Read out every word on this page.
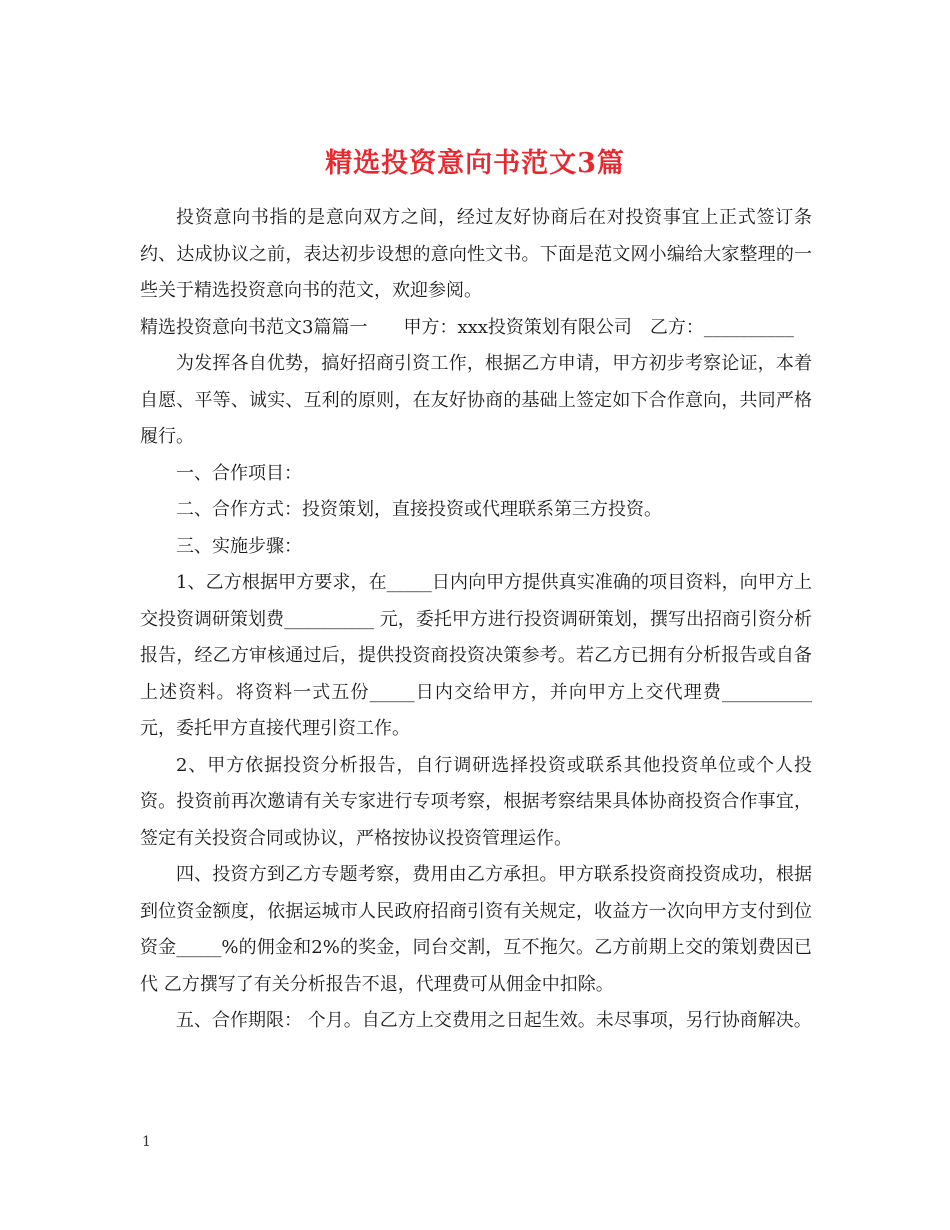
精选投资意向书范文3篇

投资意向书指的是意向双方之间，经过友好协商后在对投资事宜上正式签订条约、达成协议之前，表达初步设想的意向性文书。下面是范文网小编给大家整理的一些关于精选投资意向书的范文，欢迎参阅。

精选投资意向书范文3篇篇一　　甲方：xxx投资策划有限公司　乙方：__________

为发挥各自优势，搞好招商引资工作，根据乙方申请，甲方初步考察论证，本着自愿、平等、诚实、互利的原则，在友好协商的基础上签定如下合作意向，共同严格履行。

一、合作项目：

二、合作方式：投资策划，直接投资或代理联系第三方投资。

三、实施步骤：

1、乙方根据甲方要求，在_____日内向甲方提供真实准确的项目资料，向甲方上交投资调研策划费__________ 元，委托甲方进行投资调研策划，撰写出招商引资分析报告，经乙方审核通过后，提供投资商投资决策参考。若乙方已拥有分析报告或自备上述资料。将资料一式五份_____日内交给甲方，并向甲方上交代理费__________ 元，委托甲方直接代理引资工作。

2、甲方依据投资分析报告，自行调研选择投资或联系其他投资单位或个人投资。投资前再次邀请有关专家进行专项考察，根据考察结果具体协商投资合作事宜，签定有关投资合同或协议，严格按协议投资管理运作。

四、投资方到乙方专题考察，费用由乙方承担。甲方联系投资商投资成功，根据到位资金额度，依据运城市人民政府招商引资有关规定，收益方一次向甲方支付到位资金_____%的佣金和2%的奖金，同台交割，互不拖欠。乙方前期上交的策划费因已代 乙方撰写了有关分析报告不退，代理费可从佣金中扣除。

五、合作期限： 个月。自乙方上交费用之日起生效。未尽事项，另行协商解决。

1
